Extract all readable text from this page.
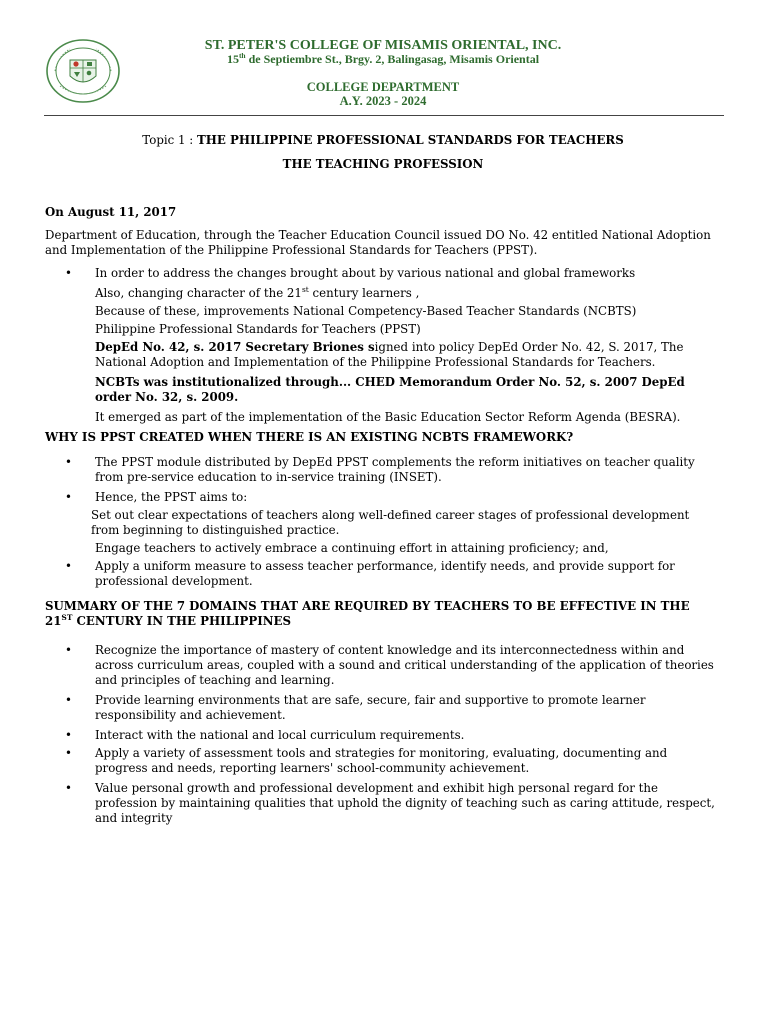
ST. PETER'S COLLEGE OF MISAMIS ORIENTAL, INC.
15th de Septiembre St., Brgy. 2, Balingasag, Misamis Oriental
COLLEGE DEPARTMENT
A.Y. 2023 - 2024
Topic 1 : THE PHILIPPINE PROFESSIONAL STANDARDS FOR TEACHERS
THE TEACHING PROFESSION
On August 11, 2017
Department of Education, through the Teacher Education Council issued DO No. 42 entitled National Adoption and Implementation of the Philippine Professional Standards for Teachers (PPST).
• In order to address the changes brought about by various national and global frameworks
Also, changing character of the 21st century learners ,
Because of these, improvements National Competency-Based Teacher Standards (NCBTS)
Philippine Professional Standards for Teachers (PPST)
DepEd No. 42, s. 2017 Secretary Briones signed into policy DepEd Order No. 42, S. 2017, The National Adoption and Implementation of the Philippine Professional Standards for Teachers.
NCBTs was institutionalized through... CHED Memorandum Order No. 52, s. 2007 DepEd order No. 32, s. 2009.
It emerged as part of the implementation of the Basic Education Sector Reform Agenda (BESRA).
WHY IS PPST CREATED WHEN THERE IS AN EXISTING NCBTS FRAMEWORK?
• The PPST module distributed by DepEd PPST complements the reform initiatives on teacher quality from pre-service education to in-service training (INSET).
• Hence, the PPST aims to:
Set out clear expectations of teachers along well-defined career stages of professional development from beginning to distinguished practice.
Engage teachers to actively embrace a continuing effort in attaining proficiency; and,
• Apply a uniform measure to assess teacher performance, identify needs, and provide support for professional development.
SUMMARY OF THE 7 DOMAINS THAT ARE REQUIRED BY TEACHERS TO BE EFFECTIVE IN THE 21ST CENTURY IN THE PHILIPPINES
• Recognize the importance of mastery of content knowledge and its interconnectedness within and across curriculum areas, coupled with a sound and critical understanding of the application of theories and principles of teaching and learning.
• Provide learning environments that are safe, secure, fair and supportive to promote learner responsibility and achievement.
• Interact with the national and local curriculum requirements.
• Apply a variety of assessment tools and strategies for monitoring, evaluating, documenting and progress and needs, reporting learners' school-community achievement.
• Value personal growth and professional development and exhibit high personal regard for the profession by maintaining qualities that uphold the dignity of teaching such as caring attitude, respect, and integrity
